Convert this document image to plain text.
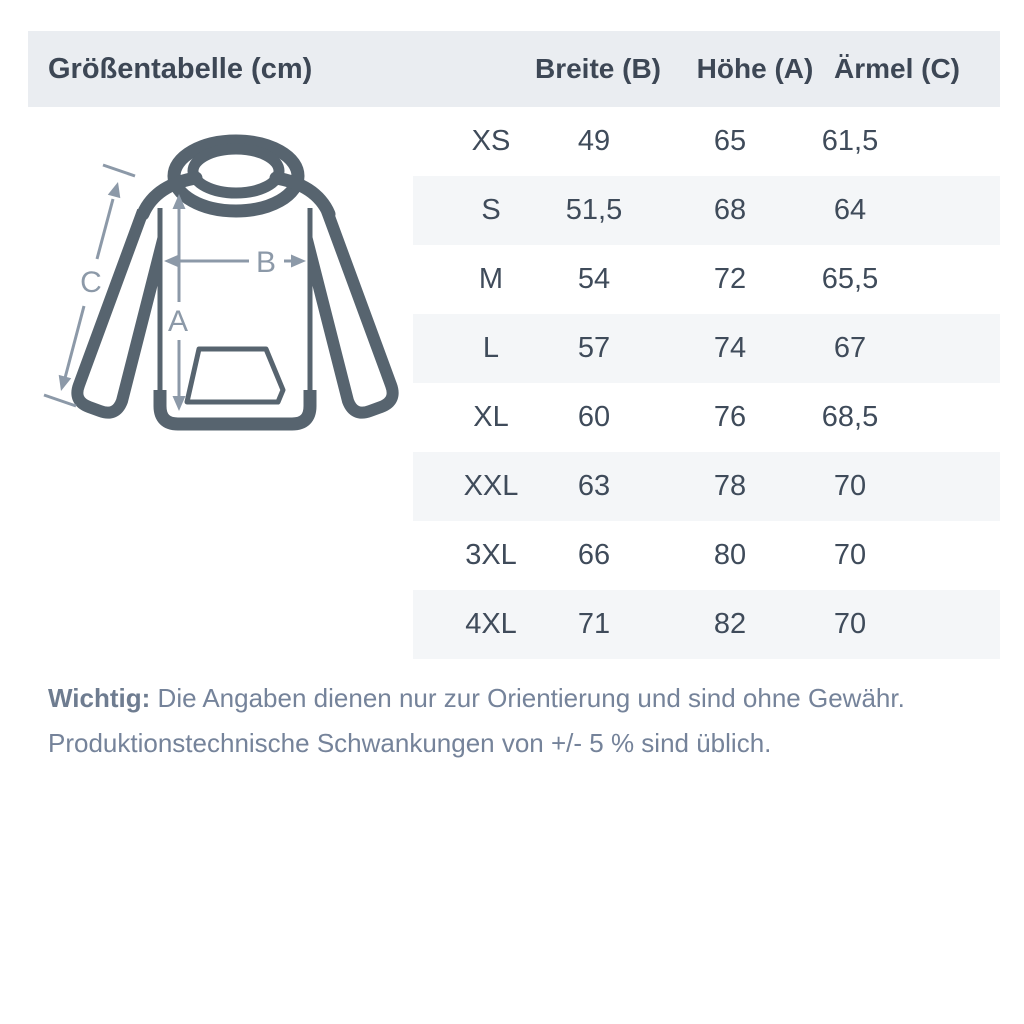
Größentabelle (cm)	Breite (B) Höhe (A) Ärmel (C)
A
B
C
XS	49	65	61,5
S	51,5	68	64
M	54	72	65,5
L	57	74	67
XL	60	76	68,5
XXL	63	78	70
3XL	66	80	70
4XL	71	82	70
Wichtig: Die Angaben dienen nur zur Orientierung und sind ohne Gewähr.
Produktionstechnische Schwankungen von +/- 5 % sind üblich.
